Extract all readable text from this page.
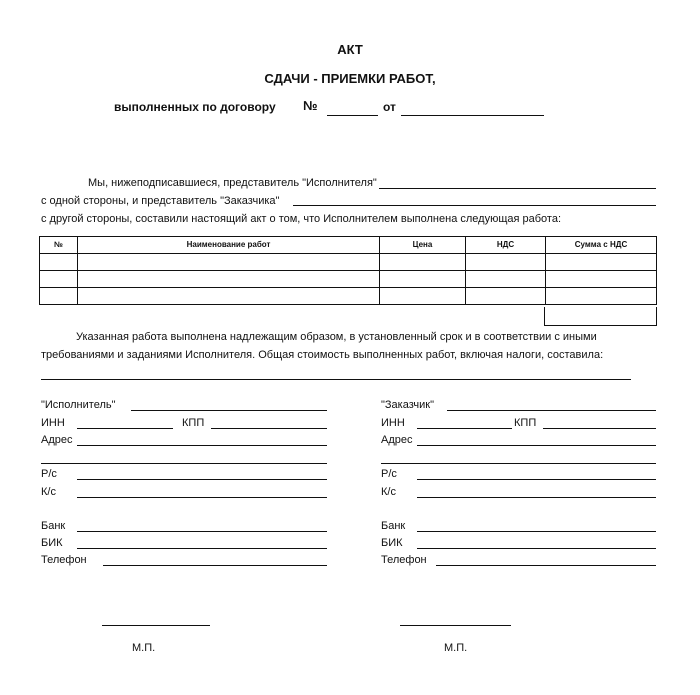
АКТ
СДАЧИ - ПРИЕМКИ РАБОТ,
выполненных по договору №	от
Мы, нижеподписавшиеся, представитель "Исполнителя"
с одной стороны, и представитель "Заказчика"
с другой стороны, составили настоящий акт о том, что Исполнителем выполнена следующая работа:
№	Наименование работ	Цена	НДС	Сумма с НДС

Указанная работа выполнена надлежащим образом, в установленный срок и в соответствии с иными
требованиями и заданиями Исполнителя. Общая стоимость выполненных работ, включая налоги, составила:
"Исполнитель"
ИНН	КПП
Адрес
Р/с
К/с
Банк
БИК
Телефон
М.П.
"Заказчик"
ИНН	КПП
Адрес
Р/с
К/с
Банк
БИК
Телефон
М.П.
